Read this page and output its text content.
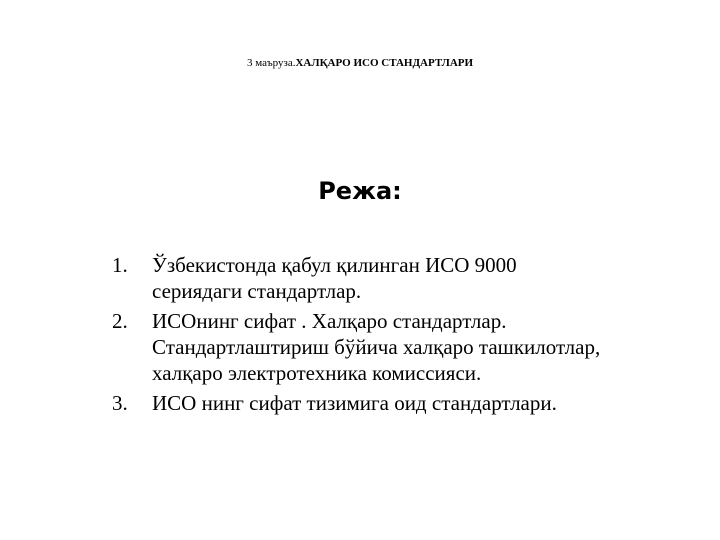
3 маъруза.ХАЛҚАРО ИСО СТАНДАРТЛАРИ
Режа:
1. Ўзбекистонда қабул қилинган ИСО 9000
сериядаги стандартлар.
2. ИСОнинг сифат . Халқаро стандартлар.
Стандартлаштириш бўйича халқаро ташкилотлар,
халқаро электротехника комиссияси.
3. ИСО нинг сифат тизимига оид стандартлари.
